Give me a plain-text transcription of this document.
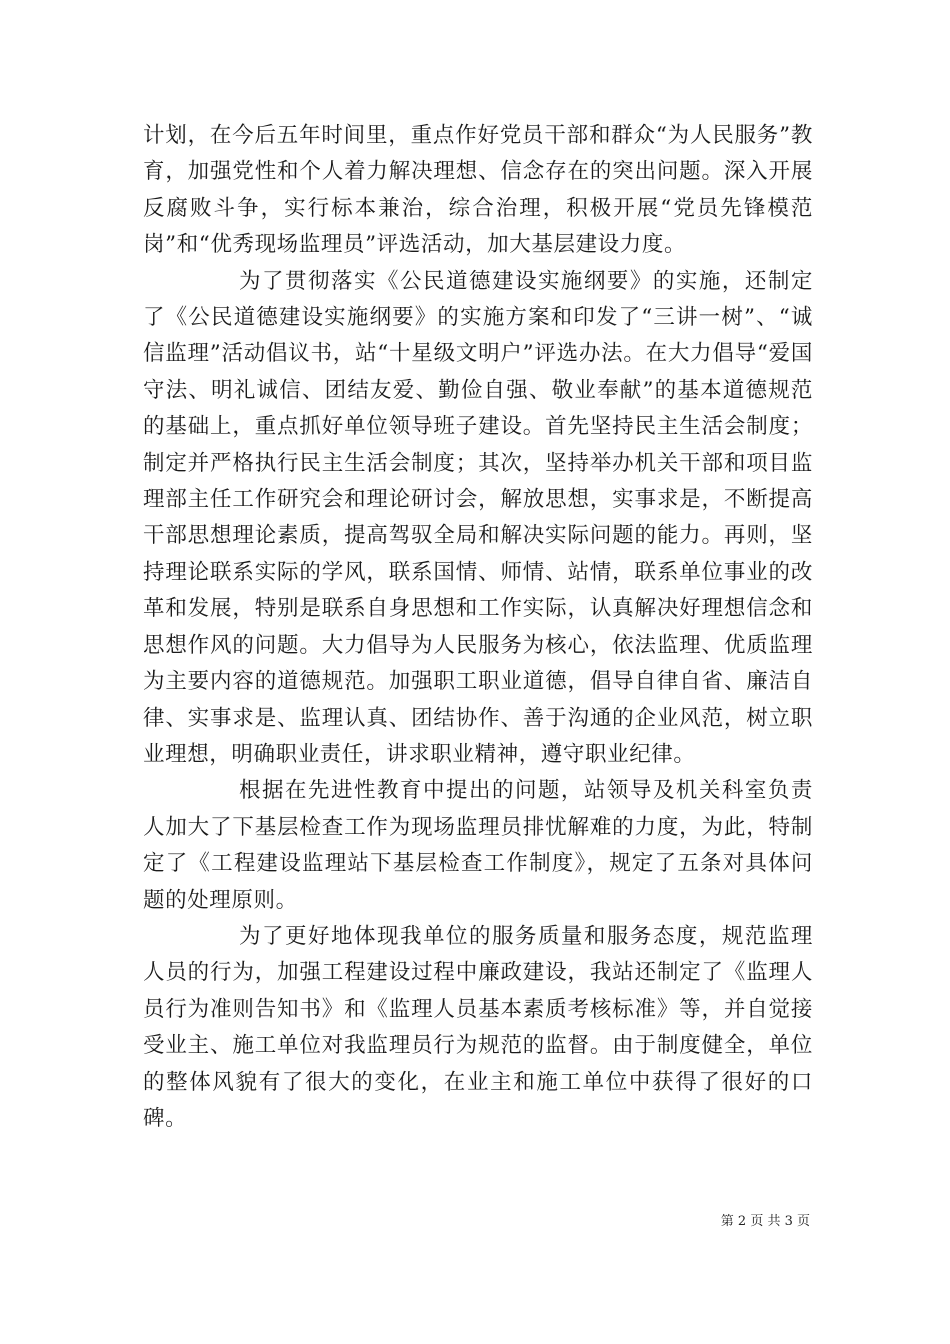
计划，在今后五年时间里，重点作好党员干部和群众“为人民服务”教育，加强党性和个人着力解决理想、信念存在的突出问题。深入开展反腐败斗争，实行标本兼治，综合治理，积极开展“党员先锋模范岗”和“优秀现场监理员”评选活动，加大基层建设力度。

为了贯彻落实《公民道德建设实施纲要》的实施，还制定了《公民道德建设实施纲要》的实施方案和印发了“三讲一树”、“诚信监理”活动倡议书，站“十星级文明户”评选办法。在大力倡导“爱国守法、明礼诚信、团结友爱、勤俭自强、敬业奉献”的基本道德规范的基础上，重点抓好单位领导班子建设。首先坚持民主生活会制度；制定并严格执行民主生活会制度；其次，坚持举办机关干部和项目监理部主任工作研究会和理论研讨会，解放思想，实事求是，不断提高干部思想理论素质，提高驾驭全局和解决实际问题的能力。再则，坚持理论联系实际的学风，联系国情、师情、站情，联系单位事业的改革和发展，特别是联系自身思想和工作实际，认真解决好理想信念和思想作风的问题。大力倡导为人民服务为核心，依法监理、优质监理为主要内容的道德规范。加强职工职业道德，倡导自律自省、廉洁自律、实事求是、监理认真、团结协作、善于沟通的企业风范，树立职业理想，明确职业责任，讲求职业精神，遵守职业纪律。

根据在先进性教育中提出的问题，站领导及机关科室负责人加大了下基层检查工作为现场监理员排忧解难的力度，为此，特制定了《工程建设监理站下基层检查工作制度》，规定了五条对具体问题的处理原则。

为了更好地体现我单位的服务质量和服务态度，规范监理人员的行为，加强工程建设过程中廉政建设，我站还制定了《监理人员行为准则告知书》和《监理人员基本素质考核标准》等，并自觉接受业主、施工单位对我监理员行为规范的监督。由于制度健全，单位的整体风貌有了很大的变化，在业主和施工单位中获得了很好的口碑。

第 2 页 共 3 页
